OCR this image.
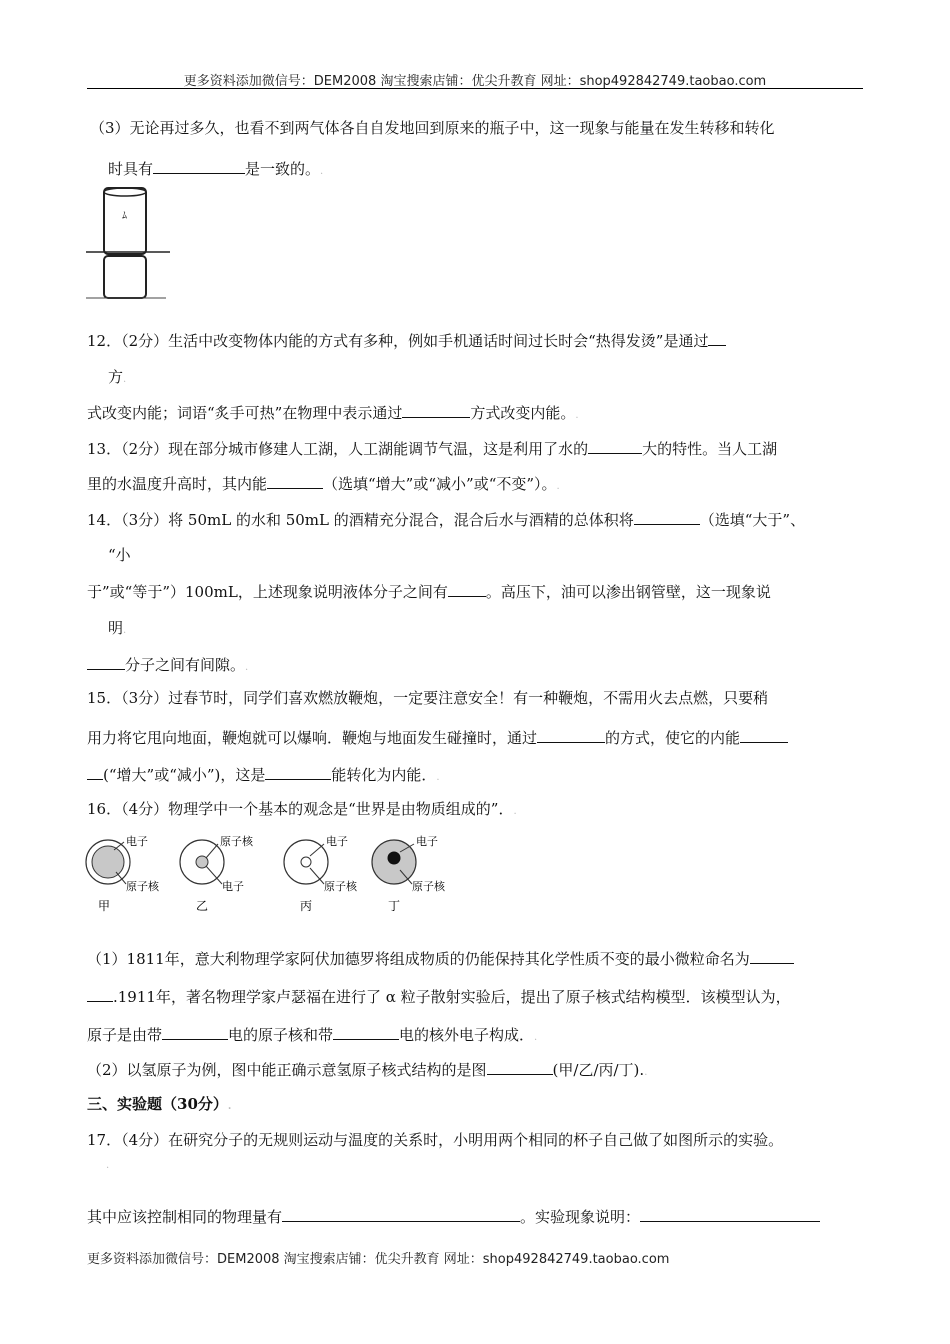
更多资料添加微信号：DEM2008 淘宝搜索店铺：优尖升教育 网址：shop492842749.taobao.com
（3）无论再过多久，也看不到两气体各自自发地回到原来的瓶子中，这一现象与能量在发生转移和转化
时具有	是一致的。.
ﾑ
12．（2分）生活中改变物体内能的方式有多种，例如手机通话时间过长时会“热得发烫”是通过
方.
式改变内能；词语“炙手可热”在物理中表示通过	方式改变内能。.
13．（2分）现在部分城市修建人工湖，人工湖能调节气温，这是利用了水的	大的特性。当人工湖
里的水温度升高时，其内能	（选填“增大”或“减小”或“不变”）。.
14．（3分）将 50mL 的水和 50mL 的酒精充分混合，混合后水与酒精的总体积将	（选填“大于”、
“小
于”或“等于”）100mL，上述现象说明液体分子之间有	。高压下，油可以渗出钢管壁，这一现象说
明.
分子之间有间隙。.
15．（3分）过春节时，同学们喜欢燃放鞭炮，一定要注意安全！有一种鞭炮，不需用火去点燃，只要稍
用力将它甩向地面，鞭炮就可以爆响．鞭炮与地面发生碰撞时，通过	的方式，使它的内能
(“增大”或“减小”)，这是	能转化为内能．.
16．（4分）物理学中一个基本的观念是“世界是由物质组成的”．.
电子
原子核
甲
原子核
电子
乙
电子
原子核
丙
电子
原子核
丁
（1）1811年，意大利物理学家阿伏加德罗将组成物质的仍能保持其化学性质不变的最小微粒命名为
.1911年，著名物理学家卢瑟福在进行了 α 粒子散射实验后，提出了原子核式结构模型．该模型认为，
原子是由带	电的原子核和带	电的核外电子构成．.
（2）以氢原子为例，图中能正确示意氢原子核式结构的是图	(甲/乙/丙/丁)..
三、实验题（30分）.
17．（4分）在研究分子的无规则运动与温度的关系时，小明用两个相同的杯子自己做了如图所示的实验。
.
其中应该控制相同的物理量有	。实验现象说明：
更多资料添加微信号：DEM2008 淘宝搜索店铺：优尖升教育 网址：shop492842749.taobao.com
